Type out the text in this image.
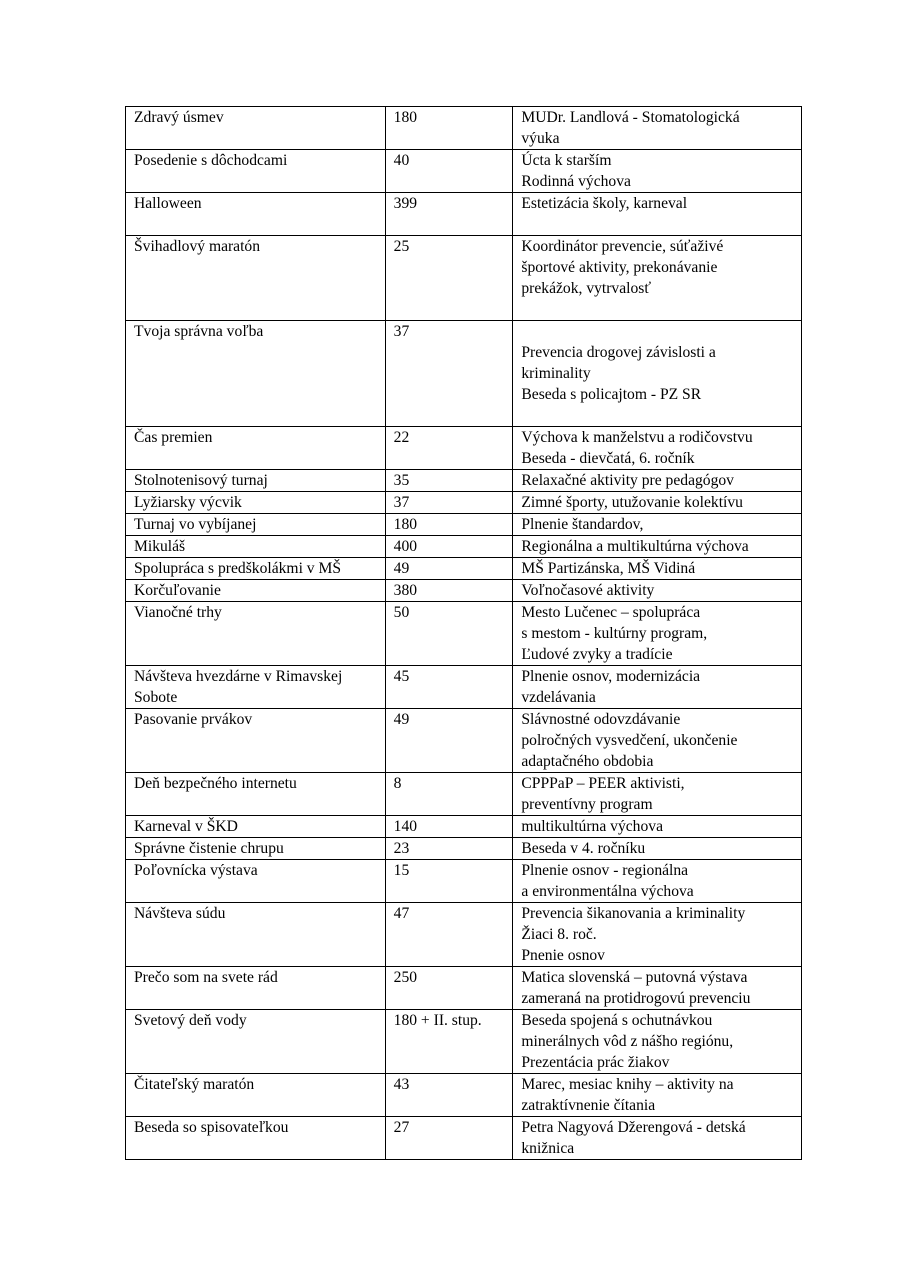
Zdravý úsmev	180	MUDr. Landlová - Stomatologická
výuka

Posedenie s dôchodcami	40	Úcta k starším
Rodinná výchova

Halloween	399	Estetizácia školy, karneval

Švihadlový maratón	25	Koordinátor prevencie, súťaživé
športové aktivity, prekonávanie
prekážok, vytrvalosť

Tvoja správna voľba	37	Prevencia drogovej závislosti a
kriminality
Beseda s policajtom - PZ SR

Čas premien	22	Výchova k manželstvu a rodičovstvu
Beseda - dievčatá, 6. ročník

Stolnotenisový turnaj	35	Relaxačné aktivity pre pedagógov

Lyžiarsky výcvik	37	Zimné športy, utužovanie kolektívu

Turnaj vo vybíjanej	180	Plnenie štandardov,

Mikuláš	400	Regionálna a multikultúrna výchova

Spolupráca s predškolákmi v MŠ	49	MŠ Partizánska, MŠ Vidiná

Korčuľovanie	380	Voľnočasové aktivity

Vianočné trhy	50	Mesto Lučenec – spolupráca
s mestom - kultúrny program,
Ľudové zvyky a tradície

Návšteva hvezdárne v Rimavskej
Sobote	45	Plnenie osnov, modernizácia
vzdelávania

Pasovanie prvákov	49	Slávnostné odovzdávanie
polročných vysvedčení, ukončenie
adaptačného obdobia

Deň bezpečného internetu	8	CPPPaP – PEER aktivisti,
preventívny program

Karneval v ŠKD	140	multikultúrna výchova

Správne čistenie chrupu	23	Beseda v 4. ročníku

Poľovnícka výstava	15	Plnenie osnov - regionálna
a environmentálna výchova

Návšteva súdu	47	Prevencia šikanovania a kriminality
Žiaci 8. roč.
Pnenie osnov

Prečo som na svete rád	250	Matica slovenská – putovná výstava
zameraná na protidrogovú prevenciu

Svetový deň vody	180 + II. stup.	Beseda spojená s ochutnávkou
minerálnych vôd z nášho regiónu,
Prezentácia prác žiakov

Čitateľský maratón	43	Marec, mesiac knihy – aktivity na
zatraktívnenie čítania

Beseda so spisovateľkou	27	Petra Nagyová Džerengová - detská
knižnica
